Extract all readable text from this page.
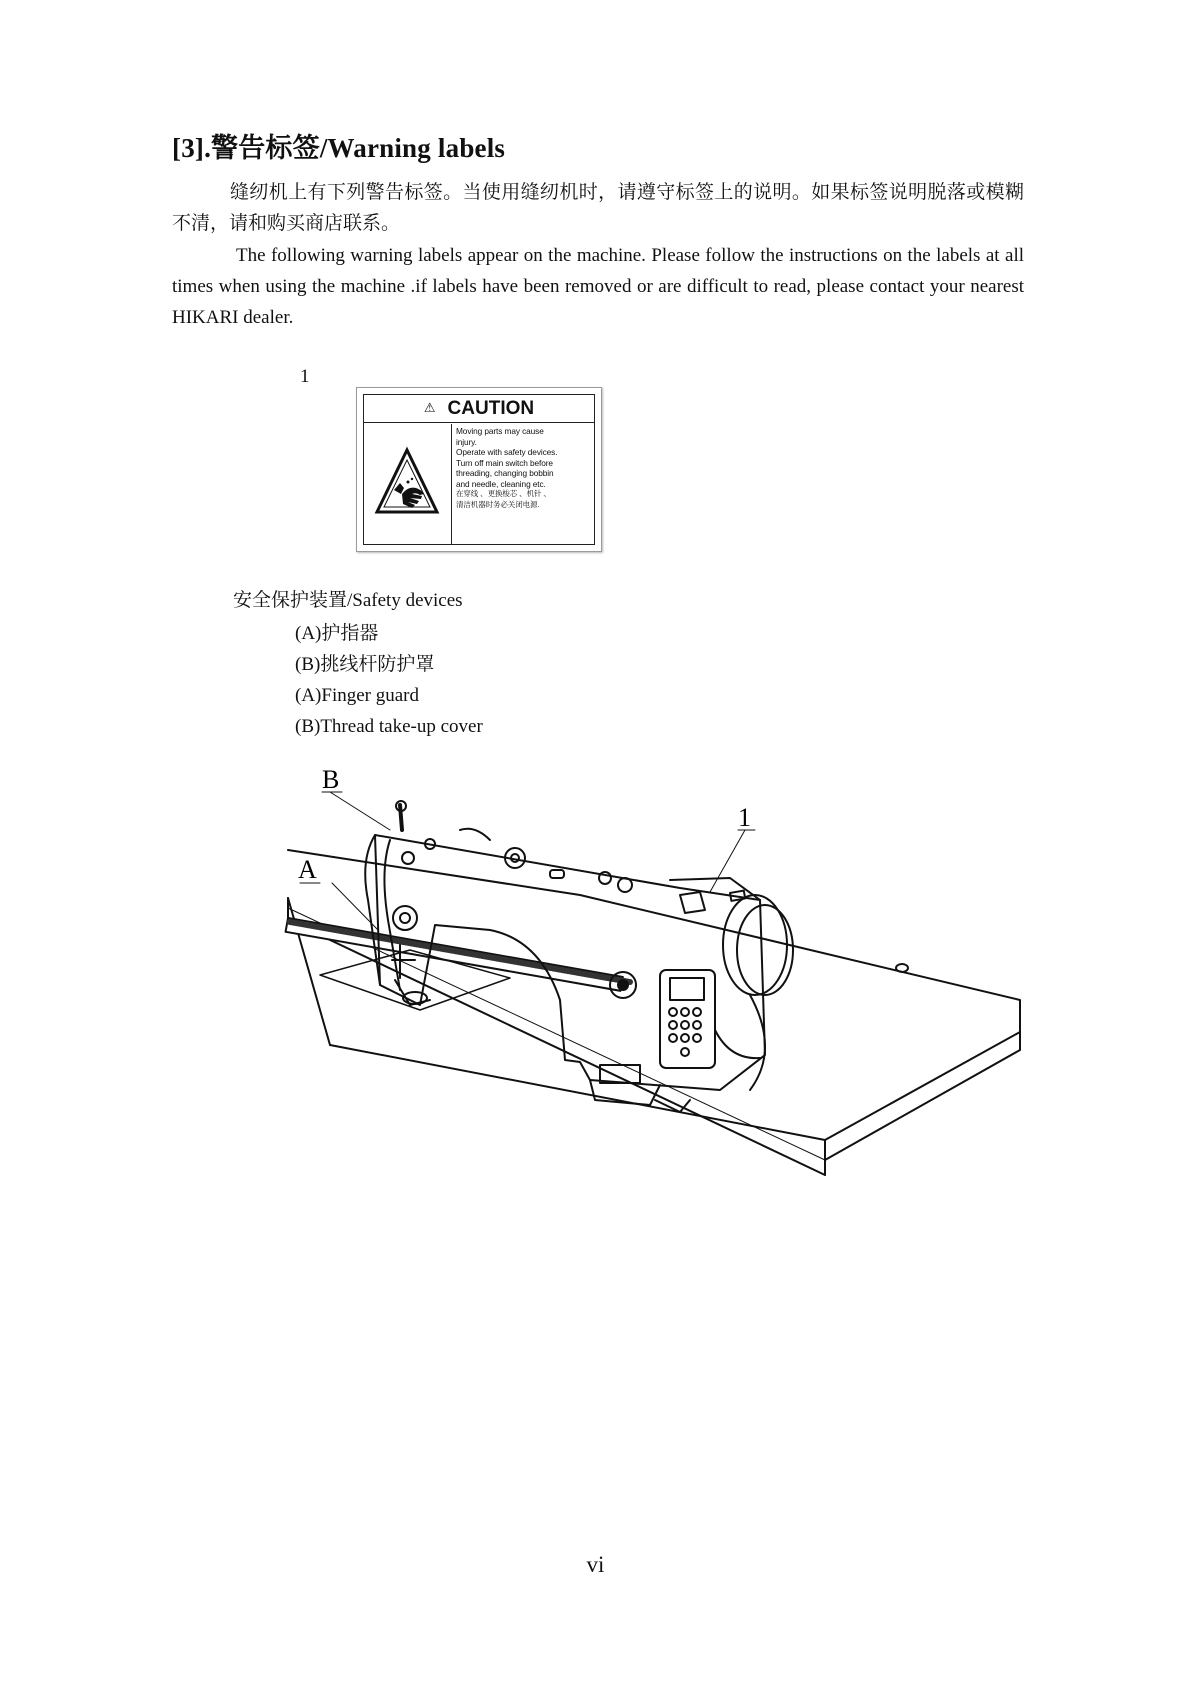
[3].警告标签/Warning labels
缝纫机上有下列警告标签。当使用缝纫机时，请遵守标签上的说明。如果标签说明脱落或模糊不清，请和购买商店联系。
The following warning labels appear on the machine. Please follow the instructions on the labels at all times when using the machine .if labels have been removed or are difficult to read, please contact your nearest HIKARI dealer.
1
⚠ CAUTION
Moving parts may cause
injury.
Operate with safety devices.
Turn off main switch before
threading, changing bobbin
and needle, cleaning etc.
在穿线 、更换梭芯 、机针 、
清洁机器时务必关闭电源.
安全保护装置/Safety devices
(A)护指器
(B)挑线杆防护罩
(A)Finger guard
(B)Thread take-up cover
B
A
1
vi
